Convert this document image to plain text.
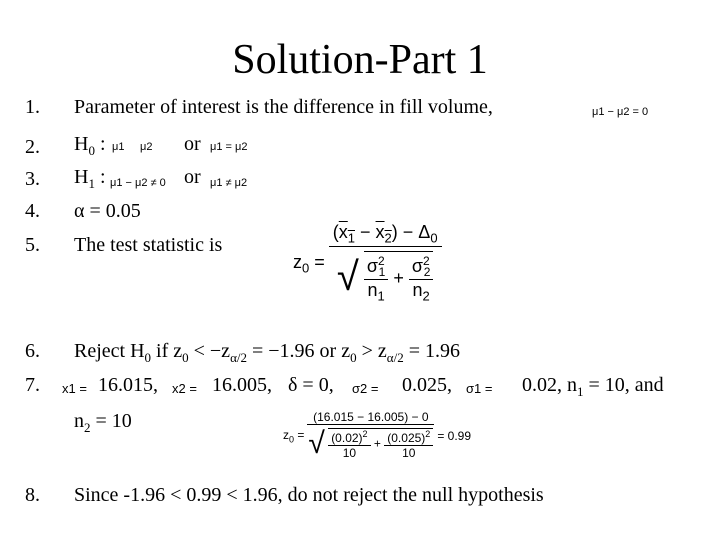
Solution-Part 1
1.
2.
3.
4.
5.
6.
7.
8.
Parameter of interest is the difference in fill volume,	μ1 − μ2 = 0
$H_0$ : μ1 μ2 or μ1 = μ2
$H_1$ : μ1 − μ2 ≠ 0 or μ1 ≠ μ2
α = 0.05
The test statistic is
$z_0$ =	$(x_1 - x_2) - \Delta_0$
√ $\frac{\sigma^2_1}{n_1} + \frac{\sigma^2_2}{n_2}$
Reject $H_0$ if $z_0 < -z_{\alpha/2} = -1.96$ or $z_0 > z_{\alpha/2} = 1.96$
x1 = 16.015, x2 = 16.005, δ = 0, σ2 = 0.025, σ1 = 0.02, $n_1 = 10$, and
$n_2 = 10$
$z_0$ =	(16.015 − 16.005) − 0	= 0.99
√ $\frac{(0.02)^2}{10} + \frac{(0.025)^2}{10}$
Since -1.96 < 0.99 < 1.96, do not reject the null hypothesis
